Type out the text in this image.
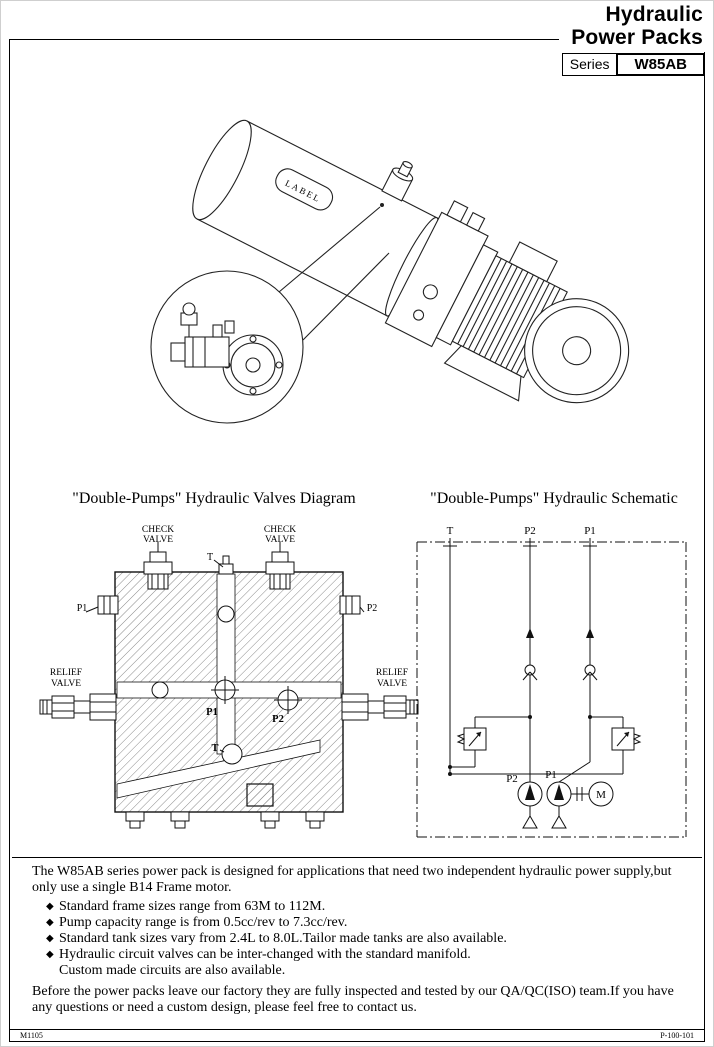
Hydraulic
Power Packs
Series	W85AB
LABEL
"Double-Pumps" Hydraulic Valves Diagram	"Double-Pumps" Hydraulic Schematic
CHECK
VALVE
CHECK
VALVE
RELIEF
VALVE
RELIEF
VALVE
T
P1	P2
P1
P2
T
T	P2	P1
P2 P1
M

The W85AB series power pack is designed for applications that need two independent hydraulic power supply,but only use a single B14 Frame motor.

◆ Standard frame sizes range from 63M to 112M.
◆ Pump capacity range is from 0.5cc/rev to 7.3cc/rev.
◆ Standard tank sizes vary from 2.4L to 8.0L.Tailor made tanks are also available.
◆ Hydraulic circuit valves can be inter-changed with the standard manifold.
Custom made circuits are also available.

Before the power packs leave our factory they are fully inspected and tested by our QA/QC(ISO) team.If you have any questions or need a custom design, please feel free to contact us.

M1105	P-100-101
